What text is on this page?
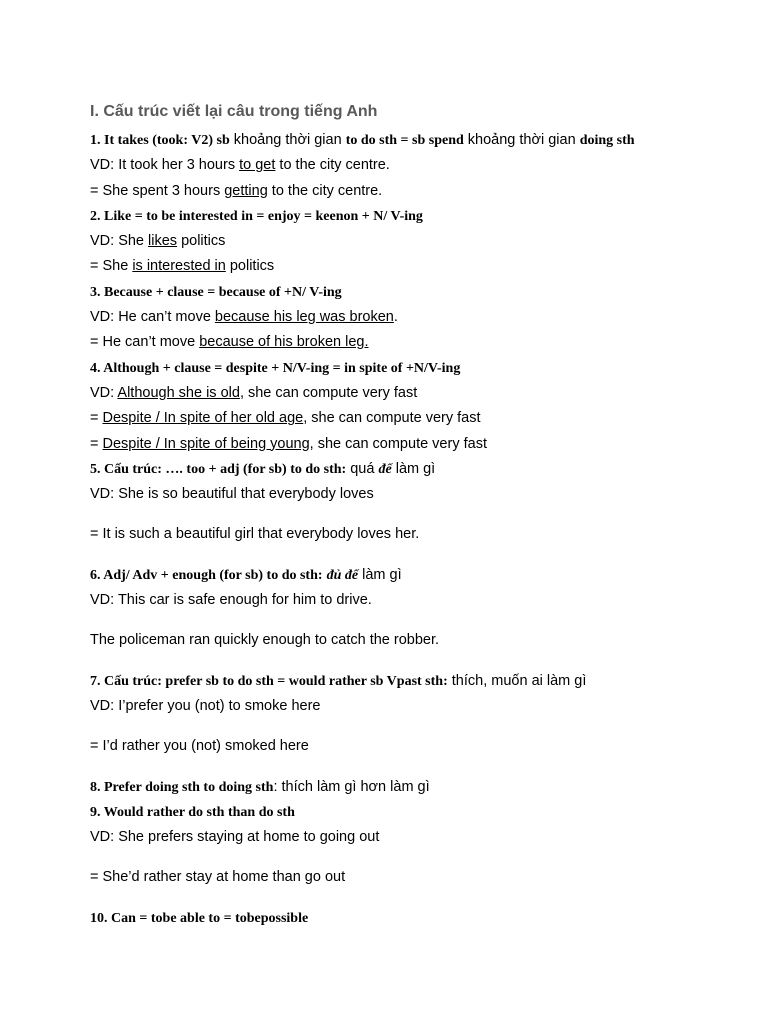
I. Cấu trúc viết lại câu trong tiếng Anh
1. It takes (took: V2) sb khoảng thời gian to do sth = sb spend khoảng thời gian doing sth
VD: It took her 3 hours to get to the city centre.
= She spent 3 hours getting to the city centre.
2. Like = to be interested in = enjoy = keenon + N/ V-ing
VD: She likes politics
= She is interested in politics
3. Because + clause = because of +N/ V-ing
VD: He can’t move because his leg was broken.
= He can’t move because of his broken leg.
4. Although + clause = despite + N/V-ing = in spite of +N/V-ing
VD: Although she is old, she can compute very fast
= Despite / In spite of her old age, she can compute very fast
= Despite / In spite of being young, she can compute very fast
5. Cấu trúc: …. too + adj (for sb) to do sth: quá để làm gì
VD: She is so beautiful that everybody loves
= It is such a beautiful girl that everybody loves her.
6. Adj/ Adv + enough (for sb) to do sth: đủ để làm gì
VD: This car is safe enough for him to drive.
The policeman ran quickly enough to catch the robber.
7. Cấu trúc: prefer sb to do sth = would rather sb Vpast sth: thích, muốn ai làm gì
VD: I’prefer you (not) to smoke here
= I’d rather you (not) smoked here
8. Prefer doing sth to doing sth: thích làm gì hơn làm gì
9. Would rather do sth than do sth
VD: She prefers staying at home to going out
= She’d rather stay at home than go out
10. Can = tobe able to = tobepossible
